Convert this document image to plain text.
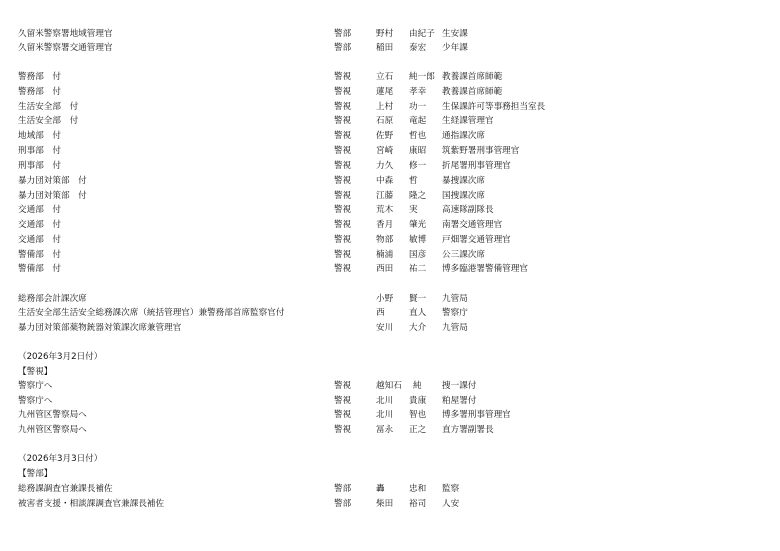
久留米警察署地域管理官	警部	野村 由紀子 生安課
久留米警察署交通管理官	警部	稲田 泰宏 少年課
警務部　付	警視	立石 純一郎 教養課首席師範
警務部　付	警視	蓮尾 孝幸 教養課首席師範
生活安全部　付	警視	上村 功一 生保課許可等事務担当室長
生活安全部　付	警視	石原 竜起 生経課管理官
地域部　付	警視	佐野 哲也 通指課次席
刑事部　付	警視	宮崎 康昭 筑紫野署刑事管理官
刑事部　付	警視	力久 修一 折尾署刑事管理官
暴力団対策部　付	警視	中森 哲	暴捜課次席
暴力団対策部　付	警視	江藤 隆之 国捜課次席
交通部　付	警視	荒木 実	高速隊副隊長
交通部　付	警視	香月 肇光 南署交通管理官
交通部　付	警視	物部 敏博 戸畑署交通管理官
警備部　付	警視	楠浦 国彦 公三課次席
警備部　付	警視	西田 祐二 博多臨港署警備管理官
総務部会計課次席	小野 賢一 九管局
生活安全部生活安全総務課次席（統括管理官）兼警務部首席監察官付	西	直人 警察庁
暴力団対策部薬物銃器対策課次席兼管理官	安川 大介 九管局
（2026年3月2日付）
【警視】
警察庁へ	警視	越知石 純 捜一課付
警察庁へ	警視	北川 貴康 粕屋署付
九州管区警察局へ	警視	北川 智也 博多署刑事管理官
九州管区警察局へ	警視	冨永 正之 直方署副署長
（2026年3月3日付）
【警部】
総務課調査官兼課長補佐	警部	轟	忠和 監察
被害者支援・相談課調査官兼課長補佐	警部	柴田 裕司 人安
